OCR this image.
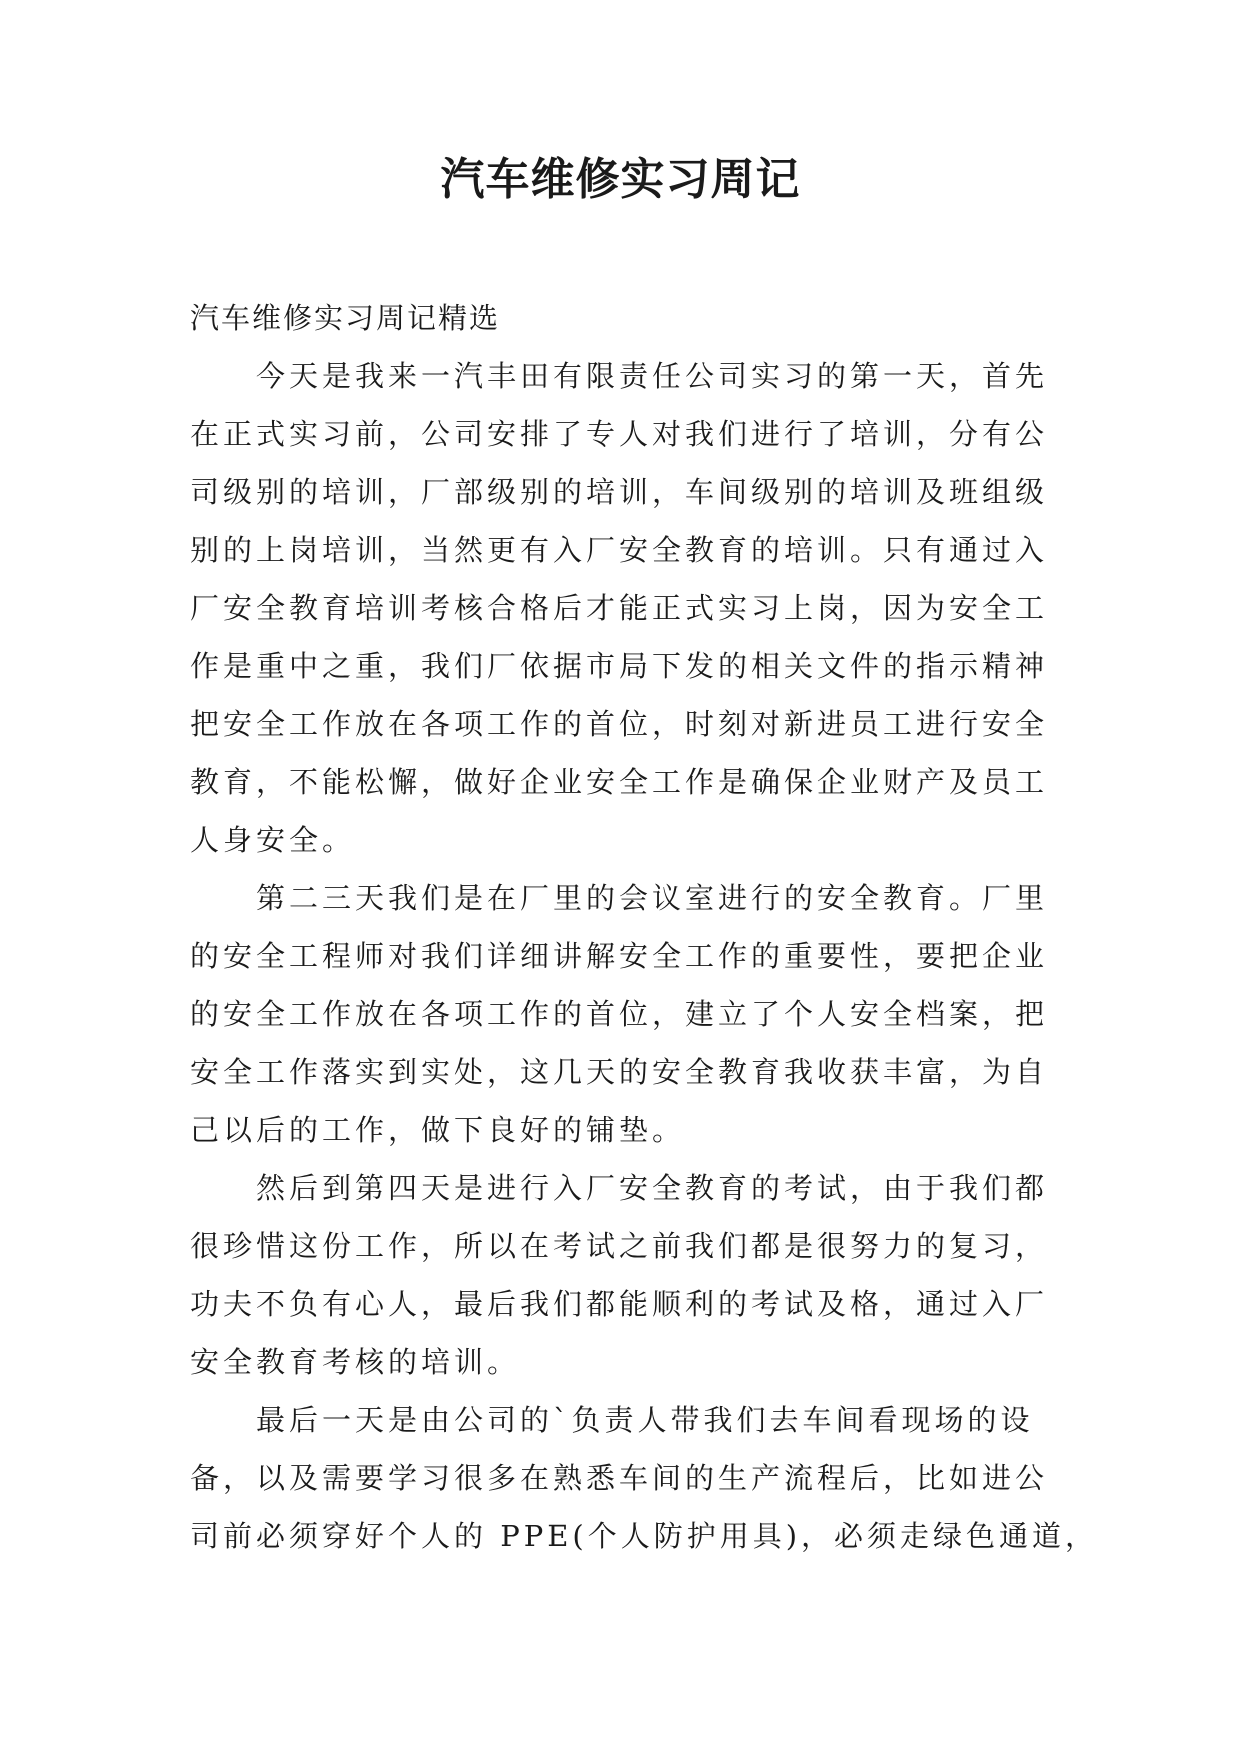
汽车维修实习周记

汽车维修实习周记精选

今天是我来一汽丰田有限责任公司实习的第一天，首先
在正式实习前，公司安排了专人对我们进行了培训，分有公
司级别的培训，厂部级别的培训，车间级别的培训及班组级
别的上岗培训，当然更有入厂安全教育的培训。只有通过入
厂安全教育培训考核合格后才能正式实习上岗，因为安全工
作是重中之重，我们厂依据市局下发的相关文件的指示精神
把安全工作放在各项工作的首位，时刻对新进员工进行安全
教育，不能松懈，做好企业安全工作是确保企业财产及员工
人身安全。
第二三天我们是在厂里的会议室进行的安全教育。厂里
的安全工程师对我们详细讲解安全工作的重要性，要把企业
的安全工作放在各项工作的首位，建立了个人安全档案，把
安全工作落实到实处，这几天的安全教育我收获丰富，为自
己以后的工作，做下良好的铺垫。
然后到第四天是进行入厂安全教育的考试，由于我们都
很珍惜这份工作，所以在考试之前我们都是很努力的复习，
功夫不负有心人，最后我们都能顺利的考试及格，通过入厂
安全教育考核的培训。
最后一天是由公司的`负责人带我们去车间看现场的设
备，以及需要学习很多在熟悉车间的生产流程后，比如进公
司前必须穿好个人的 PPE(个人防护用具)，必须走绿色通道，
